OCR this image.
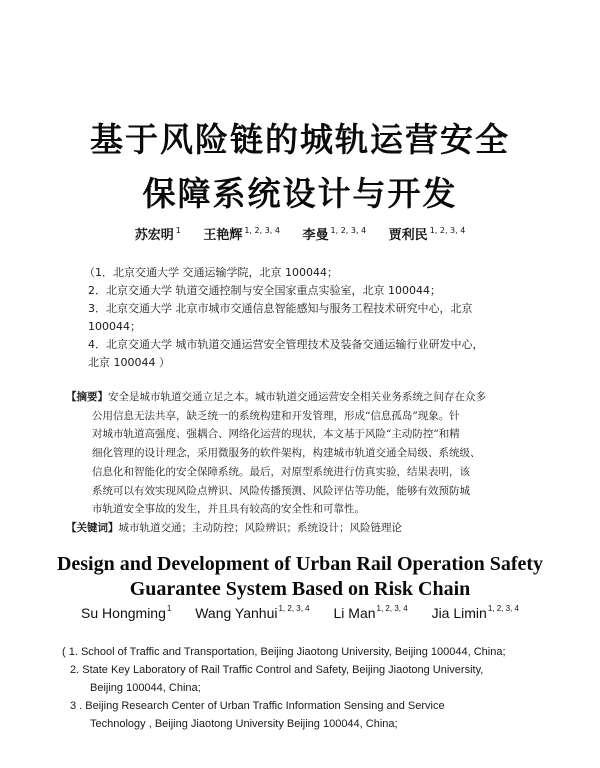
基于风险链的城轨运营安全
保障系统设计与开发
苏宏明 $^1$ 王艳辉 $^{1, 2, 3, 4}$ 李曼 $^{1, 2, 3, 4}$ 贾利民 $^{1, 2, 3, 4}$
（1．北京交通大学 交通运输学院，北京 100044；
2．北京交通大学 轨道交通控制与安全国家重点实验室，北京 100044；
3．北京交通大学 北京市城市交通信息智能感知与服务工程技术研究中心，北京
100044；
4．北京交通大学 城市轨道交通运营安全管理技术及装备交通运输行业研发中心，
北京 100044 ）
【摘要】安全是城市轨道交通立足之本。城市轨道交通运营安全相关业务系统之间存在众多
公用信息无法共享，缺乏统一的系统构建和开发管理，形成“信息孤岛”现象。针
对城市轨道高强度、强耦合、网络化运营的现状，本文基于风险“主动防控”和精
细化管理的设计理念，采用微服务的软件架构，构建城市轨道交通全局级、系统级、
信息化和智能化的安全保障系统。最后，对原型系统进行仿真实验，结果表明，该
系统可以有效实现风险点辨识、风险传播预测、风险评估等功能，能够有效预防城
市轨道安全事故的发生，并且具有较高的安全性和可靠性。
【关键词】城市轨道交通；主动防控；风险辨识；系统设计；风险链理论
Design and Development of Urban Rail Operation Safety
Guarantee System Based on Risk Chain
Su Hongming$^1$ Wang Yanhui$^{1, 2, 3, 4}$ Li Man$^{1, 2, 3, 4}$ Jia Limin$^{1, 2, 3, 4}$
( 1. School of Traffic and Transportation, Beijing Jiaotong University, Beijing 100044, China;
2. State Key Laboratory of Rail Traffic Control and Safety, Beijing Jiaotong University,
Beijing 100044, China;
3 . Beijing Research Center of Urban Traffic Information Sensing and Service
Technology , Beijing Jiaotong University Beijing 100044, China;
